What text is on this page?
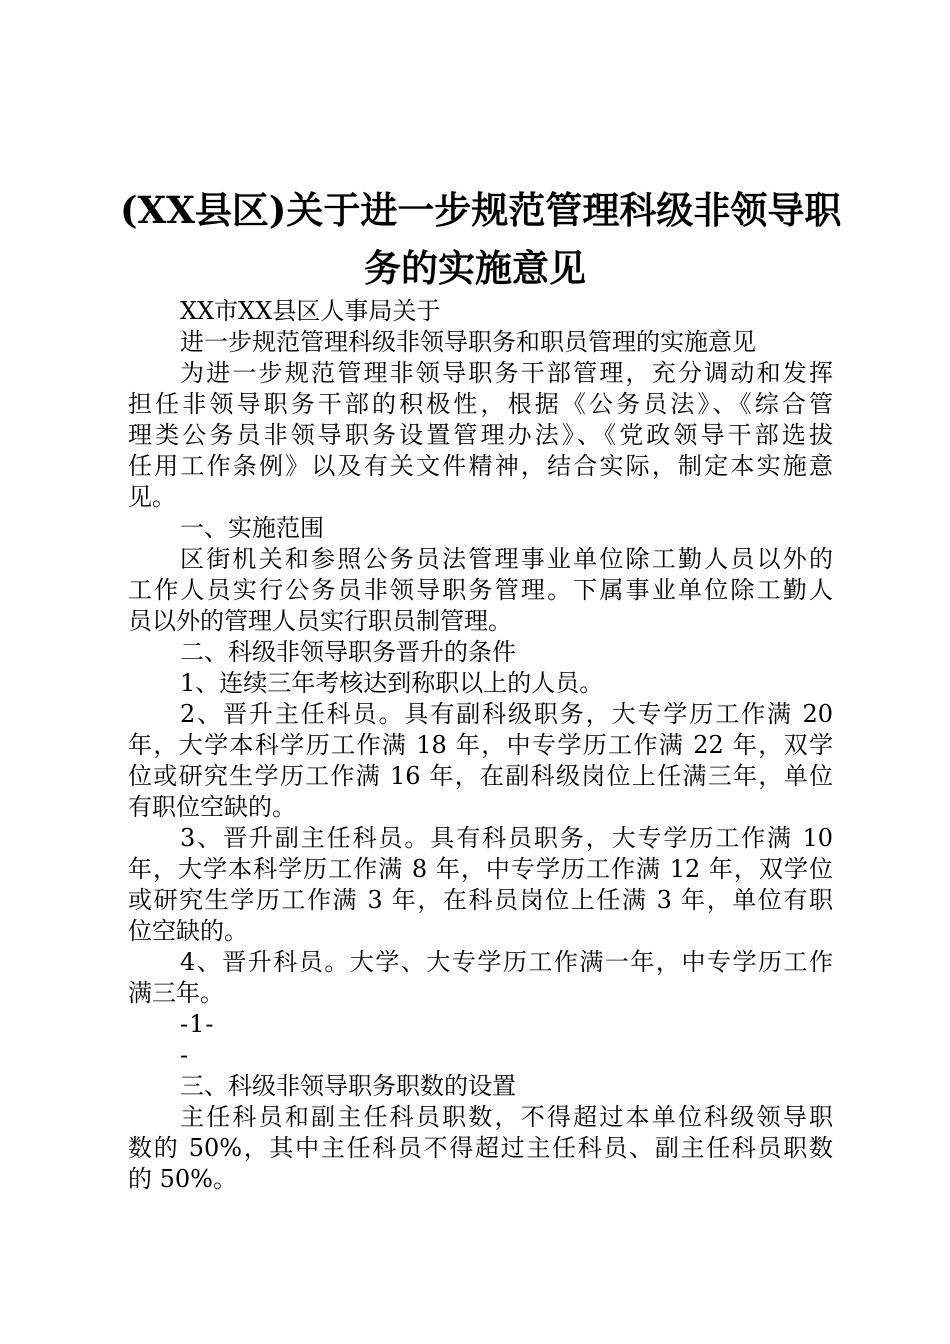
(XX县区)关于进一步规范管理科级非领导职
务的实施意见
XX市XX县区人事局关于
进一步规范管理科级非领导职务和职员管理的实施意见
为进一步规范管理非领导职务干部管理，充分调动和发挥
担任非领导职务干部的积极性，根据《公务员法》、《综合管
理类公务员非领导职务设置管理办法》、《党政领导干部选拔
任用工作条例》以及有关文件精神，结合实际，制定本实施意
见。
一、实施范围
区街机关和参照公务员法管理事业单位除工勤人员以外的
工作人员实行公务员非领导职务管理。下属事业单位除工勤人
员以外的管理人员实行职员制管理。
二、科级非领导职务晋升的条件
1、连续三年考核达到称职以上的人员。
2、晋升主任科员。具有副科级职务，大专学历工作满 20
年，大学本科学历工作满 18 年，中专学历工作满 22 年，双学
位或研究生学历工作满 16 年，在副科级岗位上任满三年，单位
有职位空缺的。
3、晋升副主任科员。具有科员职务，大专学历工作满 10
年，大学本科学历工作满 8 年，中专学历工作满 12 年，双学位
或研究生学历工作满 3 年，在科员岗位上任满 3 年，单位有职
位空缺的。
4、晋升科员。大学、大专学历工作满一年，中专学历工作
满三年。
-1-
-
三、科级非领导职务职数的设置
主任科员和副主任科员职数，不得超过本单位科级领导职
数的 50%，其中主任科员不得超过主任科员、副主任科员职数
的 50%。
